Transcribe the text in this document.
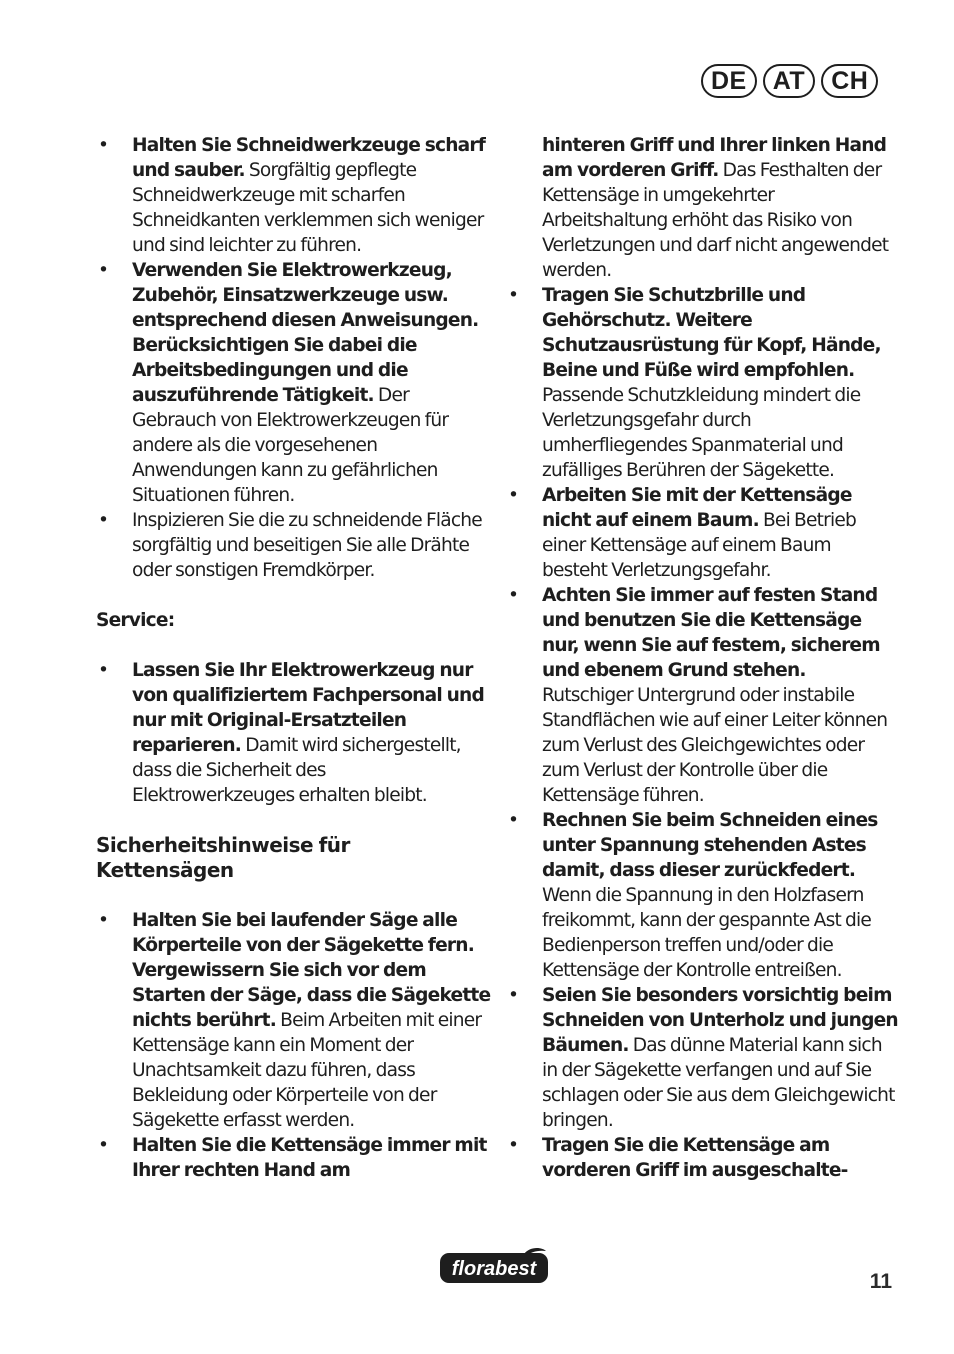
DE	AT	CH
• Halten Sie Schneidwerkzeuge scharf und sauber. Sorgfältig gepflegte Schneidwerkzeuge mit scharfen Schneidkanten verklemmen sich weniger und sind leichter zu führen.
• Verwenden Sie Elektrowerkzeug, Zubehör, Einsatzwerkzeuge usw. entsprechend diesen Anweisungen. Berücksichtigen Sie dabei die Arbeitsbedingungen und die auszuführende Tätigkeit. Der Gebrauch von Elektrowerkzeugen für andere als die vorgesehenen Anwendungen kann zu gefährlichen Situationen führen.
• Inspizieren Sie die zu schneidende Fläche sorgfältig und beseitigen Sie alle Drähte oder sonstigen Fremdkörper.
Service:
• Lassen Sie Ihr Elektrowerkzeug nur von qualifiziertem Fachpersonal und nur mit Original-Ersatzteilen reparieren. Damit wird sichergestellt, dass die Sicherheit des Elektrowerkzeuges erhalten bleibt.
Sicherheitshinweise für Kettensägen
• Halten Sie bei laufender Säge alle Körperteile von der Sägekette fern. Vergewissern Sie sich vor dem Starten der Säge, dass die Sägekette nichts berührt. Beim Arbeiten mit einer Kettensäge kann ein Moment der Unachtsamkeit dazu führen, dass Bekleidung oder Körperteile von der Sägekette erfasst werden.
• Halten Sie die Kettensäge immer mit Ihrer rechten Hand am
hinteren Griff und Ihrer linken Hand am vorderen Griff. Das Festhalten der Kettensäge in umgekehrter Arbeitshaltung erhöht das Risiko von Verletzungen und darf nicht angewendet werden.
• Tragen Sie Schutzbrille und Gehörschutz. Weitere Schutzausrüstung für Kopf, Hände, Beine und Füße wird empfohlen. Passende Schutzkleidung mindert die Verletzungsgefahr durch umherfliegendes Spanmaterial und zufälliges Berühren der Sägekette.
• Arbeiten Sie mit der Kettensäge nicht auf einem Baum. Bei Betrieb einer Kettensäge auf einem Baum besteht Verletzungsgefahr.
• Achten Sie immer auf festen Stand und benutzen Sie die Kettensäge nur, wenn Sie auf festem, sicherem und ebenem Grund stehen. Rutschiger Untergrund oder instabile Standflächen wie auf einer Leiter können zum Verlust des Gleichgewichtes oder zum Verlust der Kontrolle über die Kettensäge führen.
• Rechnen Sie beim Schneiden eines unter Spannung stehenden Astes damit, dass dieser zurückfedert. Wenn die Spannung in den Holzfasern freikommt, kann der gespannte Ast die Bedienperson treffen und/oder die Kettensäge der Kontrolle entreißen.
• Seien Sie besonders vorsichtig beim Schneiden von Unterholz und jungen Bäumen. Das dünne Material kann sich in der Sägekette verfangen und auf Sie schlagen oder Sie aus dem Gleichgewicht bringen.
• Tragen Sie die Kettensäge am vorderen Griff im ausgeschalte-
florabest
11
